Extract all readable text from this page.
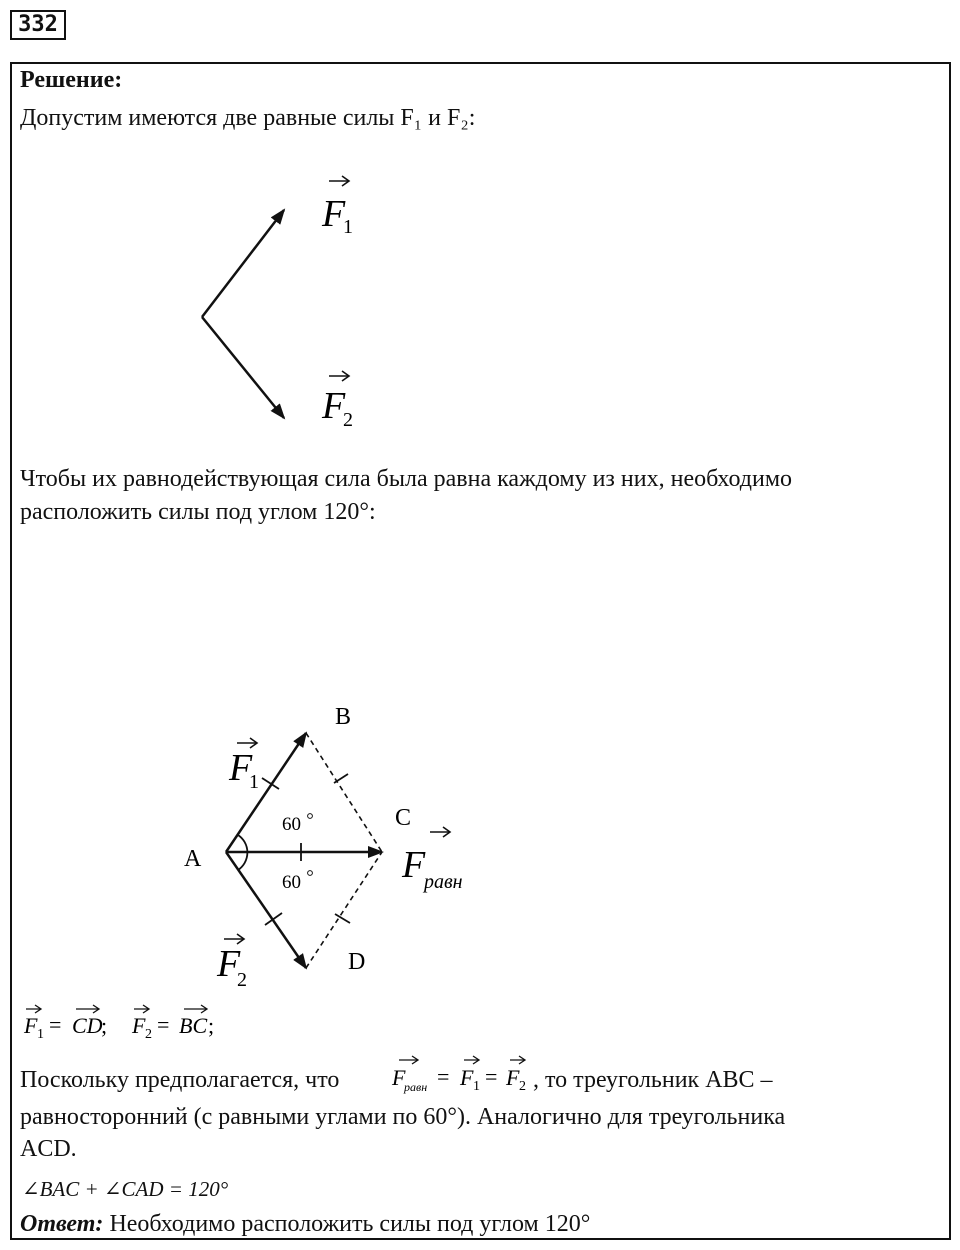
332
Решение:
Допустим имеются две равные силы F₁ и F₂:
Чтобы их равнодействующая сила была равна каждому из них, необходимо
расположить силы под углом 120°:
Поскольку предполагается, что	, то треугольник ABC –
равносторонний (с равными углами по 60°). Аналогично для треугольника
ACD.
∠BAC + ∠CAD = 120°
Ответ: Необходимо расположить силы под углом 120°
F
1
F
2
B
C
A
D
60
60
F
1
F
2
F
равн
F 1 = CD
; F 2 = BC ;
F
равн = F 1 = F 2
